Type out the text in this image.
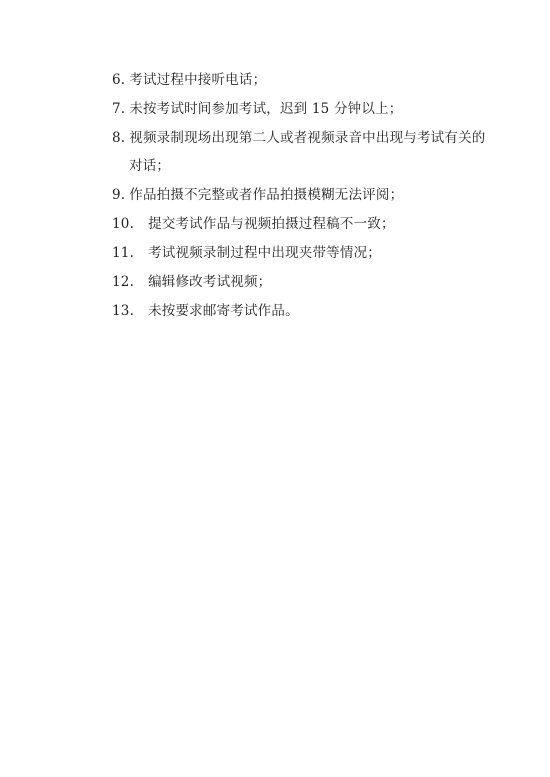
6. 考试过程中接听电话；
7. 未按考试时间参加考试，迟到 15 分钟以上；
8. 视频录制现场出现第二人或者视频录音中出现与考试有关的
对话；
9. 作品拍摄不完整或者作品拍摄模糊无法评阅；
10. 提交考试作品与视频拍摄过程稿不一致；
11. 考试视频录制过程中出现夹带等情况；
12. 编辑修改考试视频；
13. 未按要求邮寄考试作品。
